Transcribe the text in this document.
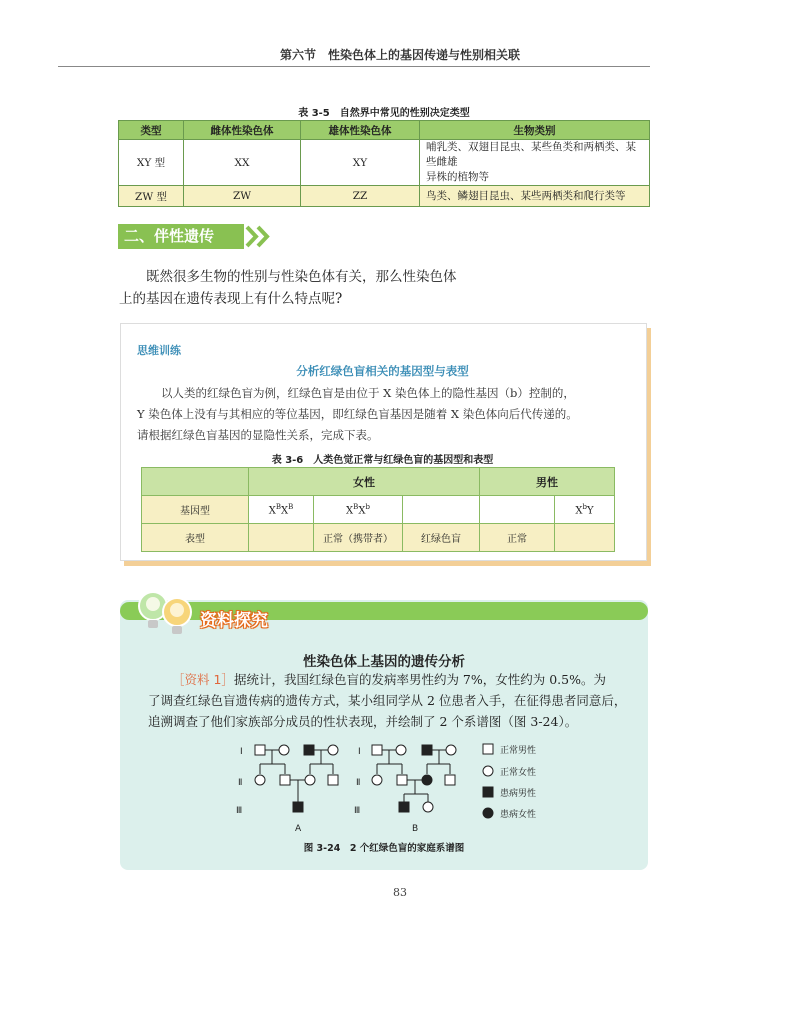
第六节　性染色体上的基因传递与性别相关联
表 3-5　自然界中常见的性别决定类型
类型	雌体性染色体	雄体性染色体	生物类别
XY 型	XX	XY	哺乳类、双翅目昆虫、某些鱼类和两栖类、某些雌雄
异株的植物等

ZW 型	ZW	ZZ	鸟类、鳞翅目昆虫、某些两栖类和爬行类等
二、伴性遗传
既然很多生物的性别与性染色体有关，那么性染色体
上的基因在遗传表现上有什么特点呢?
思维训练
分析红绿色盲相关的基因型与表型
以人类的红绿色盲为例，红绿色盲是由位于 X 染色体上的隐性基因（b）控制的，
Y 染色体上没有与其相应的等位基因，即红绿色盲基因是随着 X 染色体向后代传递的。
请根据红绿色盲基因的显隐性关系，完成下表。
表 3-6　人类色觉正常与红绿色盲的基因型和表型
	女性			男性	
基因型	$X^BX^B$	$X^BX^b$			$X^bY$
表型		正常（携带者）	红绿色盲	正常	
资料探究
性染色体上基因的遗传分析
［资料 1］据统计，我国红绿色盲的发病率男性约为 7%，女性约为 0.5%。为
了调查红绿色盲遗传病的遗传方式，某小组同学从 2 位患者入手，在征得患者同意后，
追溯调查了他们家族部分成员的性状表现，并绘制了 2 个系谱图（图 3-24）。
Ⅰ
Ⅱ
Ⅲ
A
Ⅰ
Ⅱ
Ⅲ
B
正常男性
正常女性
患病男性
患病女性
图 3-24　2 个红绿色盲的家庭系谱图
83
